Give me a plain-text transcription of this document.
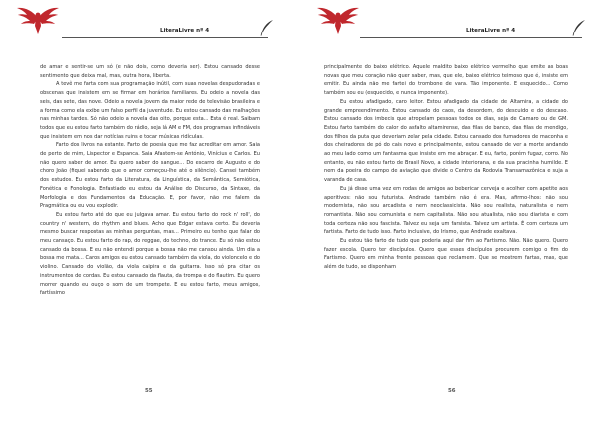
LiteraLivre nº 4

de amar e sentir-se um só (e não dois, como deveria ser). Estou cansado desse sentimento que deixa mal, mas, outra hora, liberta.

A tevê me farta com sua programação inútil, com suas novelas despudoradas e obscenas que insistem em se firmar em horários familiares. Eu odeio a novela das seis, das sete, das nove. Odeio a novela jovem da maior rede de televisão brasileira e a forma como ela exibe um falso perfil da juventude. Eu estou cansado das malhações nas minhas tardes. Só não odeio a novela das oito, porque esta... Esta é real. Saibam todos que eu estou farto também do rádio, seja lá AM e FM, dos programas infindáveis que insistem em nos dar notícias ruins e tocar músicas ridículas.

Farto dos livros na estante. Farto de poesia que me faz acreditar em amor. Saia de perto de mim, Lispector e Espanca. Saia Afastem-se António, Vinícius e Carlos. Eu não quero saber de amor. Eu quero saber do sangue... Do escarro de Augusto e do choro João (fiquei sabendo que o amor começou-lhe até o silêncio). Cansei também dos estudos. Eu estou farto da Literatura, da Linguística, da Semântica, Semiótica, Fonética e Fonologia. Enfastiado eu estou da Análise do Discurso, da Sintaxe, da Morfologia e dos Fundamentos da Educação. E, por favor, não me falem da Pragmática ou eu vou explodir.

Eu estou farto até do que eu julgava amar. Eu estou farto do rock n' roll', do country n' western, do rhythm and blues. Acho que Edgar estava certo. Eu deveria mesmo buscar respostas as minhas perguntas, mas... Primeiro eu tenho que falar do meu cansaço. Eu estou farto do rap, do reggae, do techno, do trance. Eu só não estou cansado da bossa. E eu não entendi porque a bossa não me cansou ainda. Um dia a bossa me mata... Caros amigos eu estou cansado também da viola, do violoncelo e do violino. Cansado do violão, da viola caipira e da guitarra. Isso só pra citar os instrumentos de cordas. Eu estou cansado da flauta, da trompa e do flautim. Eu quero morrer quando eu ouço o som de um trompete. E eu estou farto, meus amigos, fartíssimo

55
LiteraLivre nº 4

principalmente do baixo elétrico. Aquele maldito baixo elétrico vermelho que emite as boas novas que meu coração não quer saber, mas, que ele, baixo elétrico teimoso que é, insiste em emitir. Eu ainda não me fartei do trombone de vara. Tão imponente. E esquecido... Como também sou eu (esquecido, e nunca imponente).

Eu estou afadigado, caro leitor. Estou afadigado da cidade de Altamira, a cidade do grande empreendimento. Estou cansado do caos, da desordem, do descuido e do descaso. Estou cansado dos imbecis que atropelam pessoas todos os dias, seja de Camaro ou de GM. Estou farto também do calor do asfalto altamirense, das filas de banco, das filas de mendigo, dos filhos da puta que deveriam zelar pela cidade. Estou cansado dos fumadores de maconha e dos cheiradores de pó do cais novo e principalmente, estou cansado de ver a morte andando ao meu lado como um fantasma que insiste em me abraçar. E eu, farto, porém fugaz, corro. No entanto, eu não estou farto de Brasil Novo, a cidade interiorana, e da sua pracinha humilde. E nem da poeira do campo de aviação que divide o Centro da Rodovia Transamazônica e suja a varanda de casa.

Eu já disse uma vez em rodas de amigos ao bebericar cerveja e acolher com apetite aos aperitivos: não sou futurista. Andrade também não é era. Mas, afirmo-lhos: não sou modernista, não sou arcadista e nem neoclassicista. Não sou realista, naturalista e nem romantista. Não sou comunista e nem capitalista. Não sou atualista, não sou diarista e com toda certeza não sou fascista. Talvez eu seja um farsista. Talvez um artista. É com certeza um fartista. Farto de tudo isso. Farto inclusive, do Irismo, que Andrade exaltava.

Eu estou tão farto de tudo que poderia aqui dar fim ao Fartismo. Não. Não quero. Quero fazer escola. Quero ter discípulos. Quero que esses discípulos procurem comigo o fim do Fartismo. Quero em minha frente pessoas que reclamem. Que se mostrem fartas, mas, que além de tudo, se disponham

56
